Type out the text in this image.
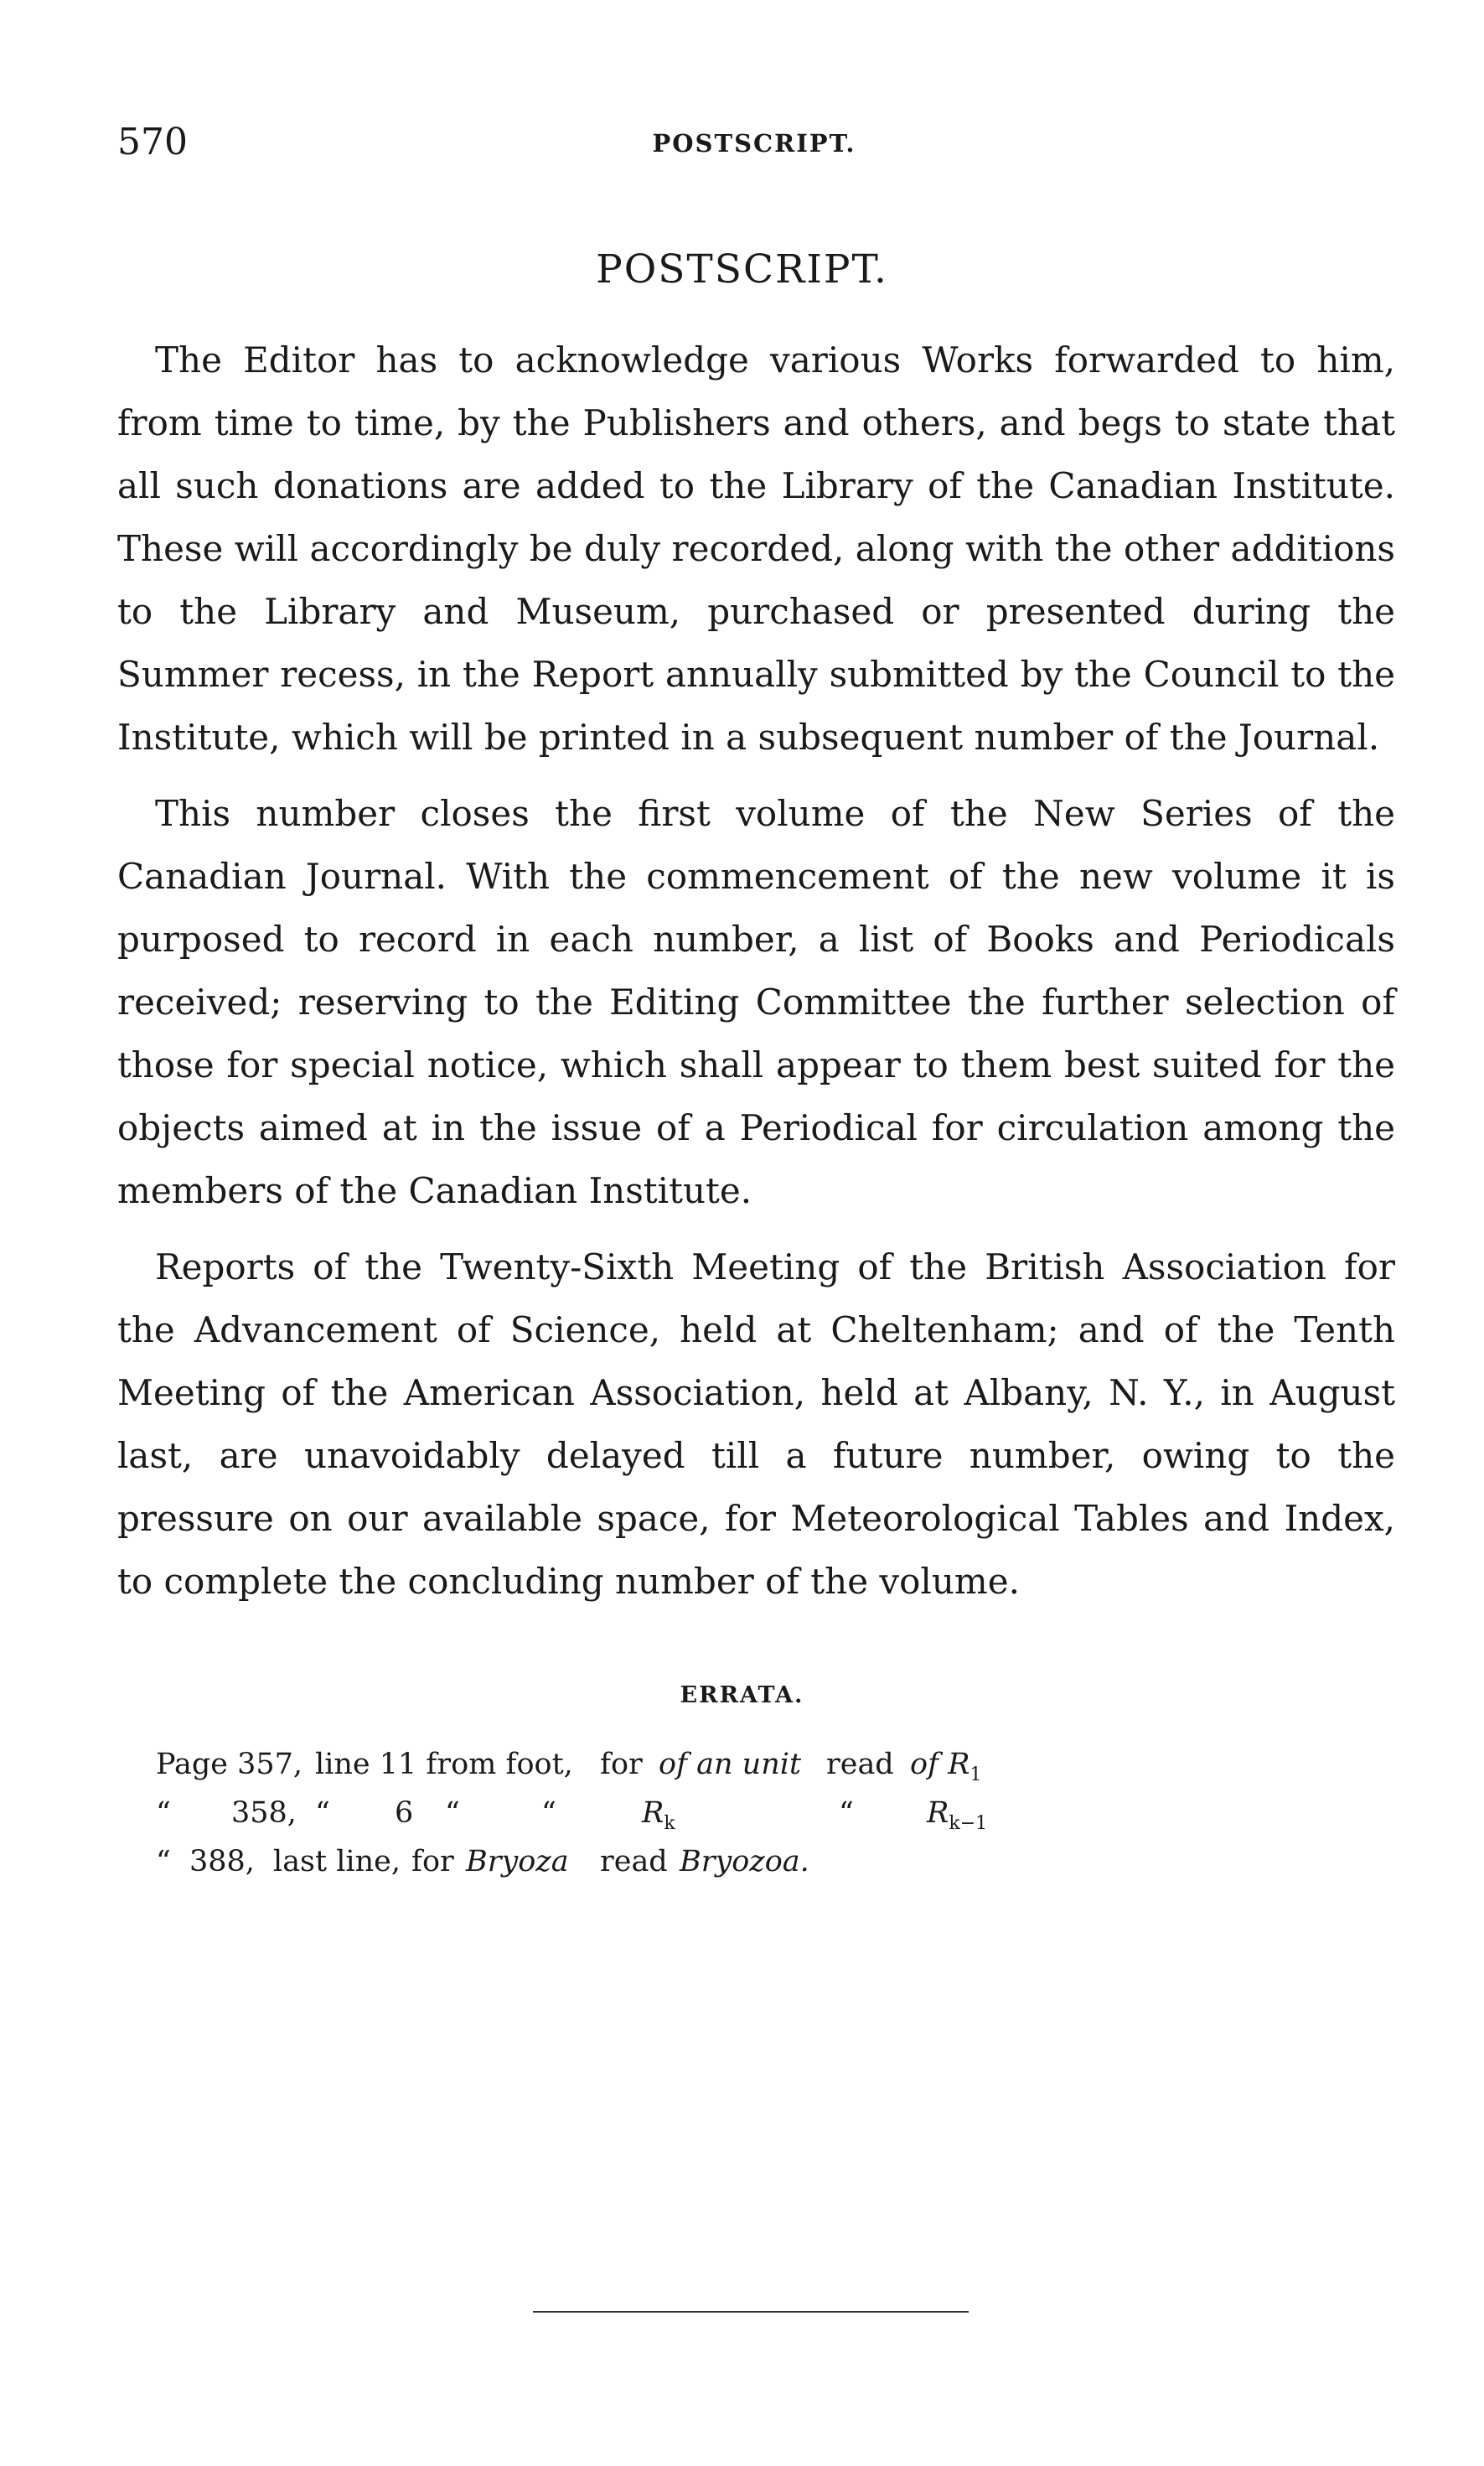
570	POSTSCRIPT.
POSTSCRIPT.

The Editor has to acknowledge various Works forwarded to him, from time to time, by the Publishers and others, and begs to state that all such donations are added to the Library of the Canadian Institute. These will accordingly be duly recorded, along with the other additions to the Library and Museum, purchased or presented during the Summer recess, in the Report annually submitted by the Council to the Institute, which will be printed in a subsequent number of the Journal.

This number closes the first volume of the New Series of the Canadian Journal. With the commencement of the new volume it is purposed to record in each number, a list of Books and Periodicals received; reserving to the Editing Committee the further selection of those for special notice, which shall appear to them best suited for the objects aimed at in the issue of a Periodical for circulation among the members of the Canadian Institute.

Reports of the Twenty-Sixth Meeting of the British Association for the Advancement of Science, held at Cheltenham; and of the Tenth Meeting of the American Association, held at Albany, N. Y., in August last, are unavoidably delayed till a future number, owing to the pressure on our available space, for Meteorological Tables and Index, to complete the concluding number of the volume.

ERRATA.
Page 357, line 11 from foot, for of an unit read of $R_1$
“ 358, “ 6 “	“	$R_k$	“ $R_{k-1}$
“ 388, last line, for Bryoza read Bryozoa.
